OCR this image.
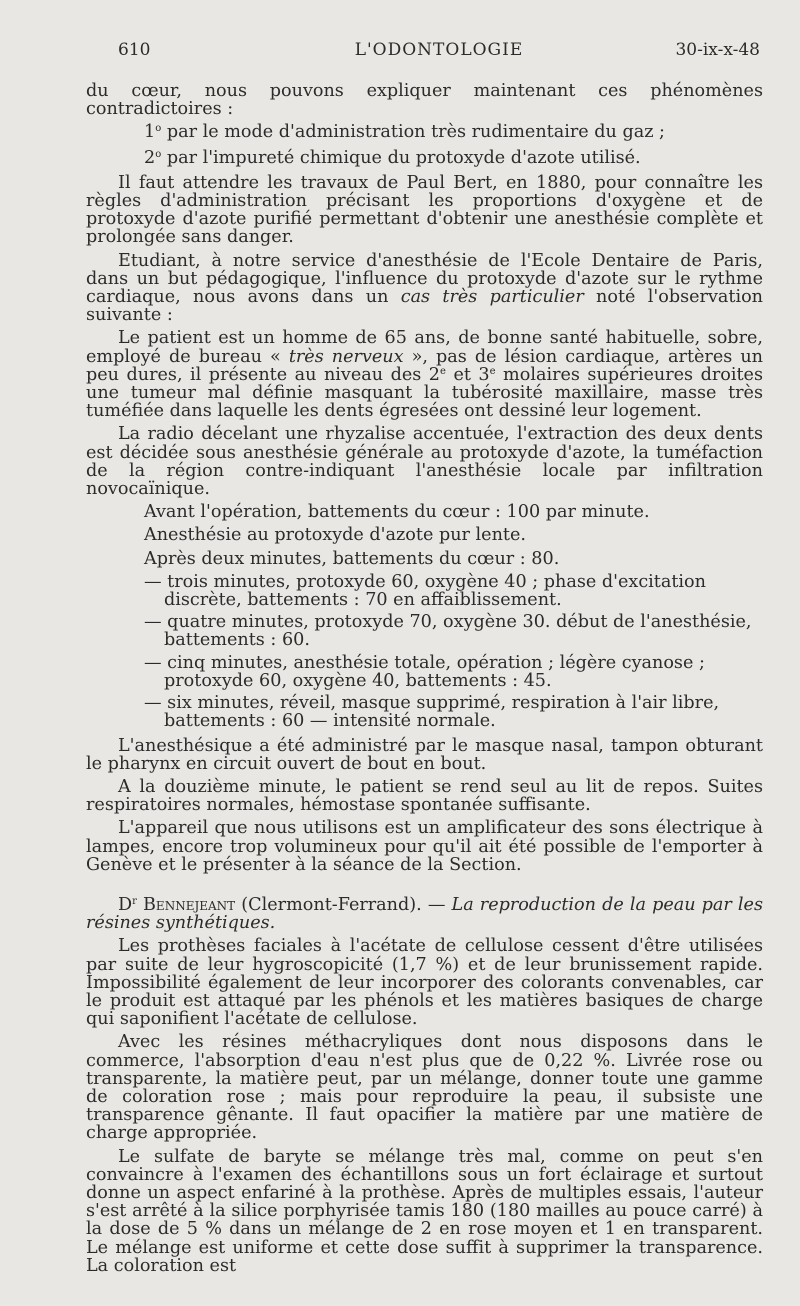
610	L'ODONTOLOGIE	30-ix-x-48

du cœur, nous pouvons expliquer maintenant ces phénomènes contradictoires :

1$^o$ par le mode d'administration très rudimentaire du gaz ;

2$^o$ par l'impureté chimique du protoxyde d'azote utilisé.

Il faut attendre les travaux de Paul Bert, en 1880, pour connaître les règles d'administration précisant les proportions d'oxygène et de protoxyde d'azote purifié permettant d'obtenir une anesthésie complète et prolongée sans danger.

Etudiant, à notre service d'anesthésie de l'Ecole Dentaire de Paris, dans un but pédagogique, l'influence du protoxyde d'azote sur le rythme cardiaque, nous avons dans un cas très particulier noté l'observation suivante :

Le patient est un homme de 65 ans, de bonne santé habituelle, sobre, employé de bureau « très nerveux », pas de lésion cardiaque, artères un peu dures, il présente au niveau des 2e et 3e molaires supérieures droites une tumeur mal définie masquant la tubérosité maxillaire, masse très tuméfiée dans laquelle les dents égresées ont dessiné leur logement.

La radio décelant une rhyzalise accentuée, l'extraction des deux dents est décidée sous anesthésie générale au protoxyde d'azote, la tuméfaction de la région contre-indiquant l'anesthésie locale par infiltration novocaïnique.

Avant l'opération, battements du cœur : 100 par minute.

Anesthésie au protoxyde d'azote pur lente.

Après deux minutes, battements du cœur : 80.

— trois minutes, protoxyde 60, oxygène 40 ; phase d'excitation discrète, battements : 70 en affaiblissement.

— quatre minutes, protoxyde 70, oxygène 30. début de l'anesthésie, battements : 60.

— cinq minutes, anesthésie totale, opération ; légère cyanose ; protoxyde 60, oxygène 40, battements : 45.

— six minutes, réveil, masque supprimé, respiration à l'air libre, battements : 60 — intensité normale.

L'anesthésique a été administré par le masque nasal, tampon obturant le pharynx en circuit ouvert de bout en bout.

A la douzième minute, le patient se rend seul au lit de repos. Suites respiratoires normales, hémostase spontanée suffisante.

L'appareil que nous utilisons est un amplificateur des sons électrique à lampes, encore trop volumineux pour qu'il ait été possible de l'emporter à Genève et le présenter à la séance de la Section.

$D^r$ Bennejeant (Clermont-Ferrand). — La reproduction de la peau par les résines synthétiques.

Les prothèses faciales à l'acétate de cellulose cessent d'être utilisées par suite de leur hygroscopicité (1,7 %) et de leur brunissement rapide. Impossibilité également de leur incorporer des colorants convenables, car le produit est attaqué par les phénols et les matières basiques de charge qui saponifient l'acétate de cellulose.

Avec les résines méthacryliques dont nous disposons dans le commerce, l'absorption d'eau n'est plus que de 0,22 %. Livrée rose ou transparente, la matière peut, par un mélange, donner toute une gamme de coloration rose ; mais pour reproduire la peau, il subsiste une transparence gênante. Il faut opacifier la matière par une matière de charge appropriée.

Le sulfate de baryte se mélange très mal, comme on peut s'en convaincre à l'examen des échantillons sous un fort éclairage et surtout donne un aspect enfariné à la prothèse. Après de multiples essais, l'auteur s'est arrêté à la silice porphyrisée tamis 180 (180 mailles au pouce carré) à la dose de 5 % dans un mélange de 2 en rose moyen et 1 en transparent. Le mélange est uniforme et cette dose suffit à supprimer la transparence. La coloration est
